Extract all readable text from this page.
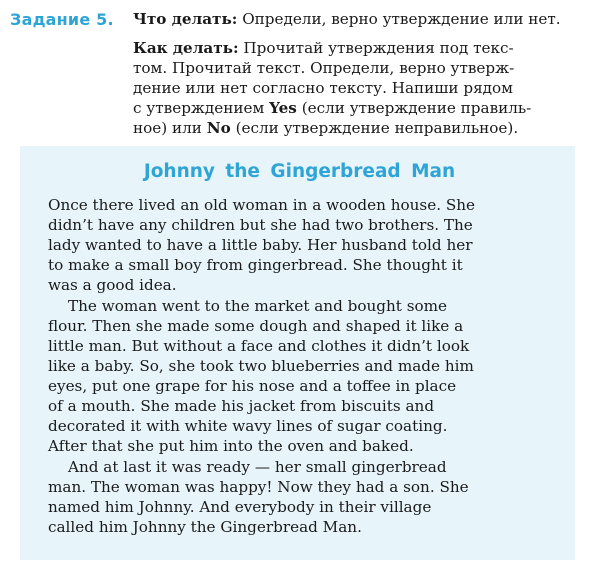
Задание 5. Что делать: Определи, верно утверждение или нет.
Как делать: Прочитай утверждения под текс-
том. Прочитай текст. Определи, верно утверж-
дение или нет согласно тексту. Напиши рядом
с утверждением Yes (если утверждение правиль-
ное) или No (если утверждение неправильное).
Johnny the Gingerbread Man
Once there lived an old woman in a wooden house. She
didn’t have any children but she had two brothers. The
lady wanted to have a little baby. Her husband told her
to make a small boy from gingerbread. She thought it
was a good idea.
The woman went to the market and bought some
flour. Then she made some dough and shaped it like a
little man. But without a face and clothes it didn’t look
like a baby. So, she took two blueberries and made him
eyes, put one grape for his nose and a toffee in place
of a mouth. She made his jacket from biscuits and
decorated it with white wavy lines of sugar coating.
After that she put him into the oven and baked.
And at last it was ready — her small gingerbread
man. The woman was happy! Now they had a son. She
named him Johnny. And everybody in their village
called him Johnny the Gingerbread Man.
